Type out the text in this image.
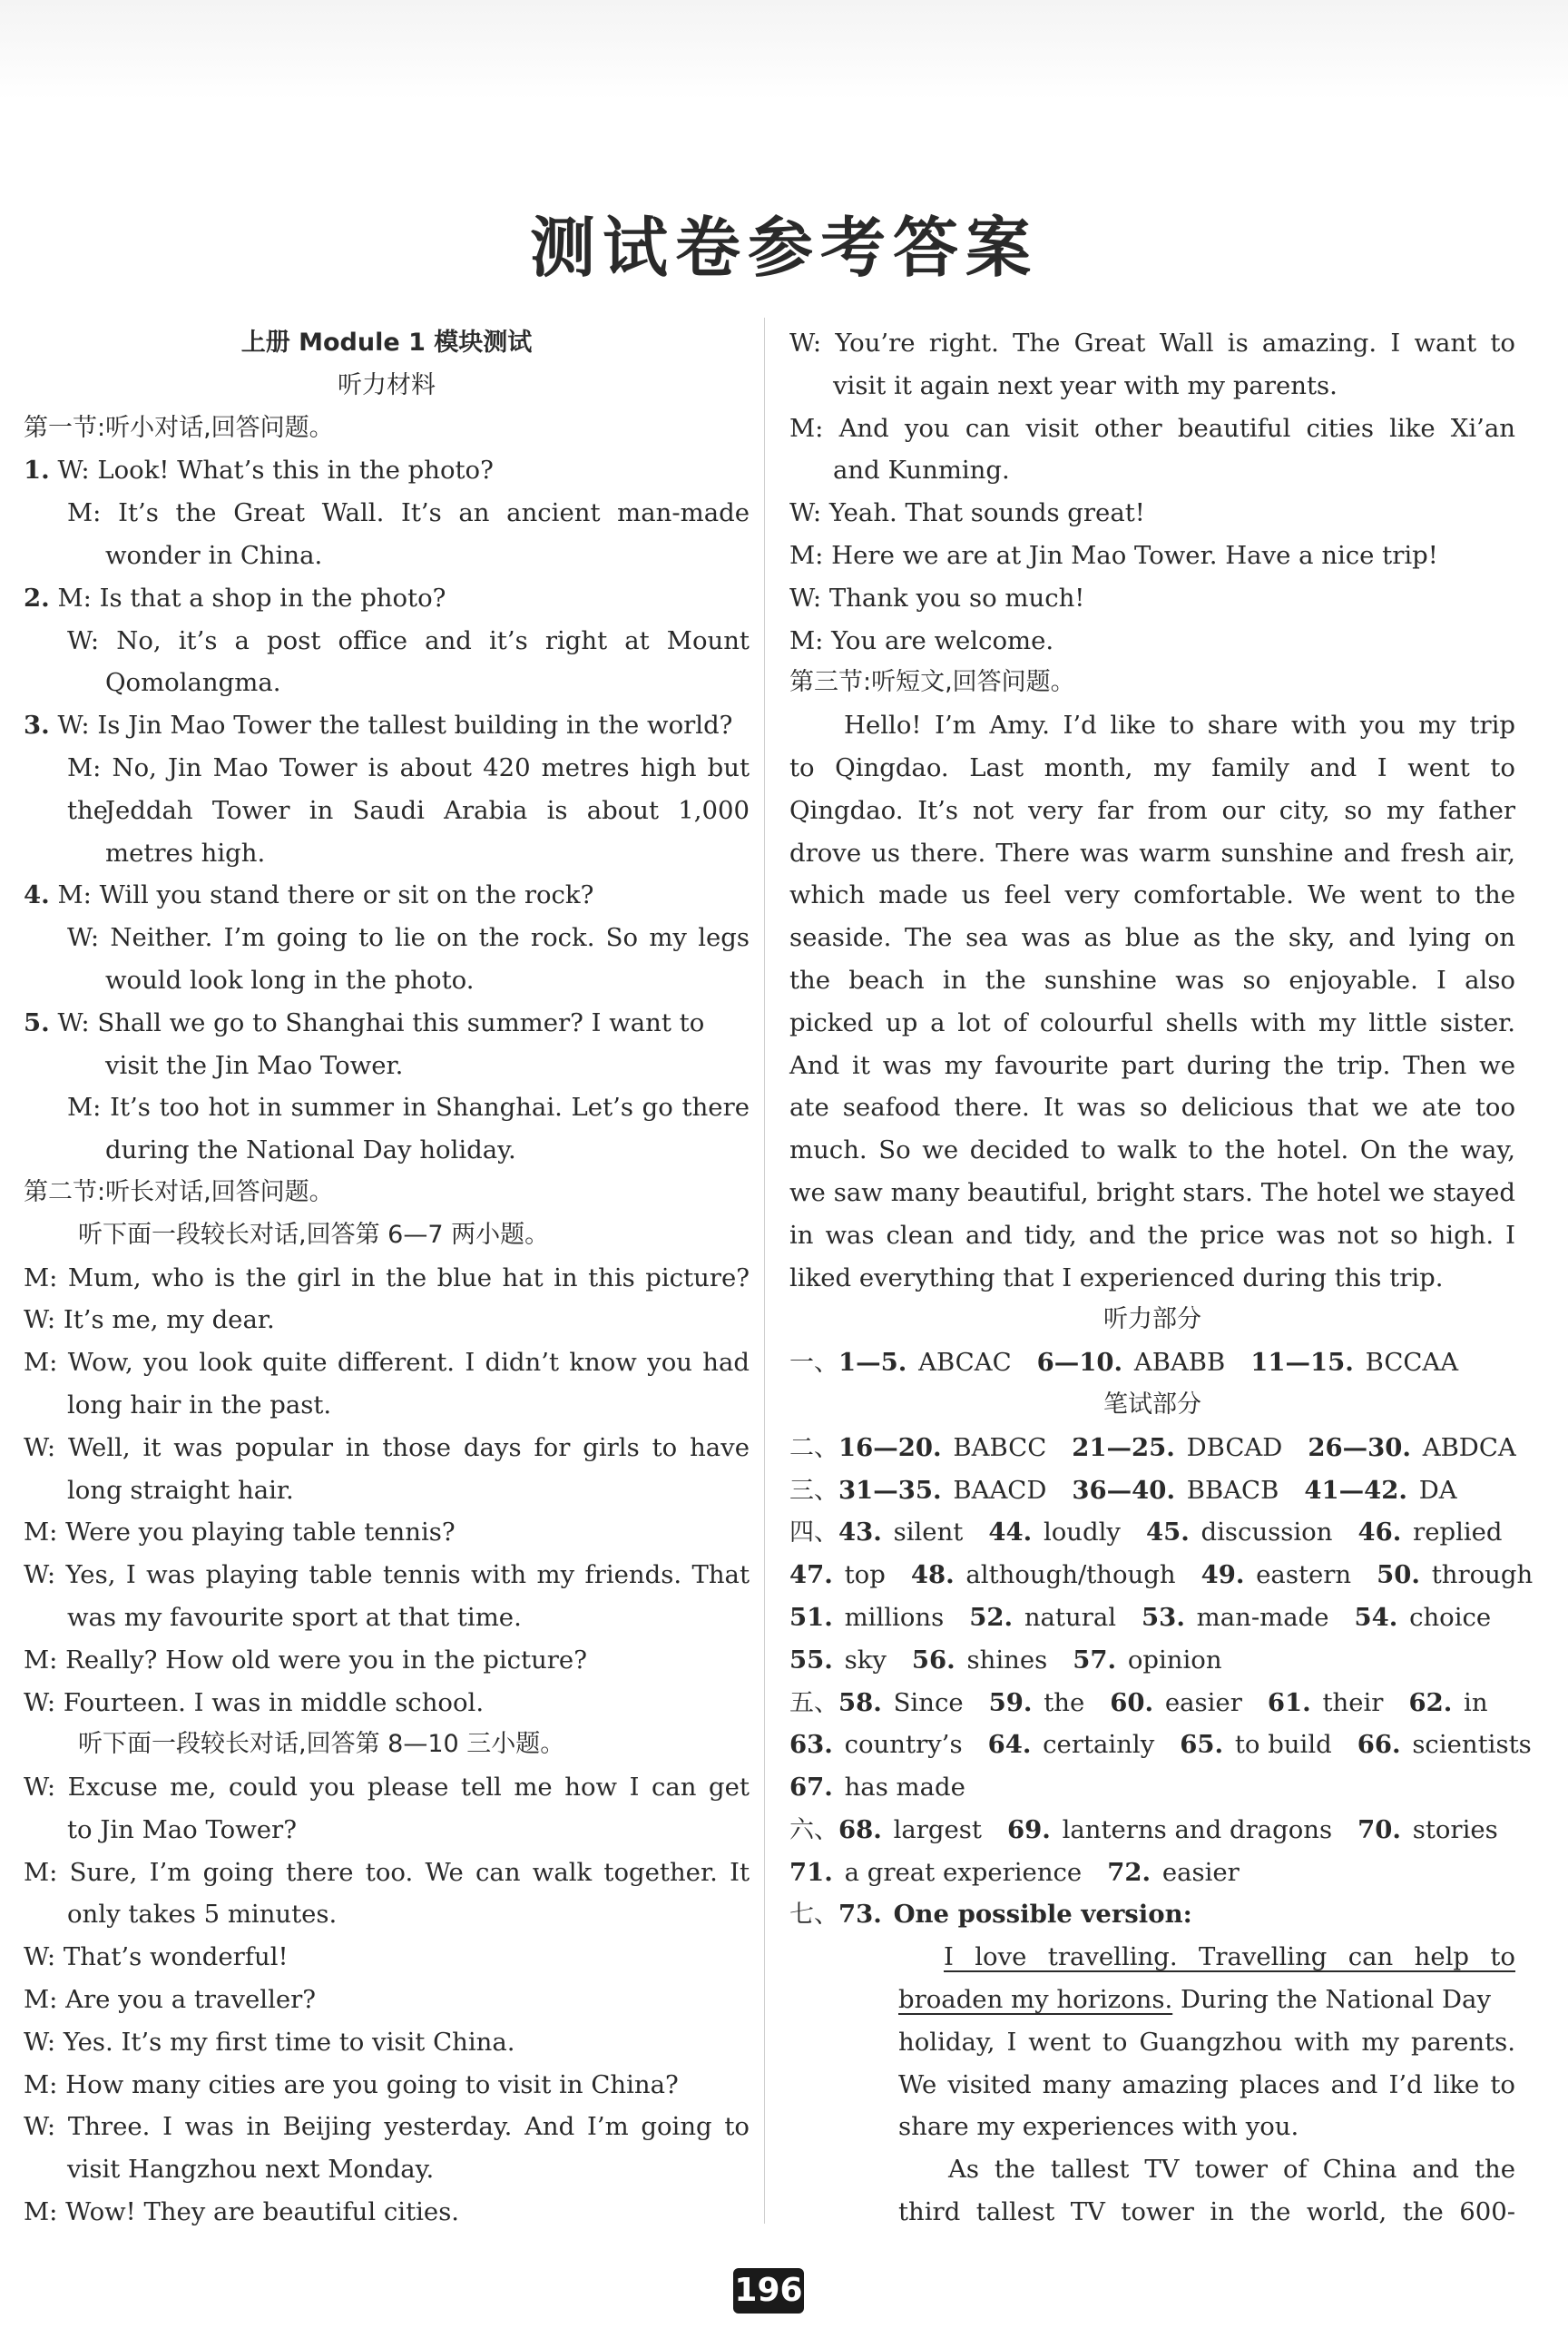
测试卷参考答案
上册 Module 1 模块测试
听力材料
第一节:听小对话,回答问题。
1. W: Look! What’s this in the photo?
M: It’s the Great Wall. It’s an ancient man-made
wonder in China.
2. M: Is that a shop in the photo?
W: No, it’s a post office and it’s right at Mount
Qomolangma.
3. W: Is Jin Mao Tower the tallest building in the world?
M: No, Jin Mao Tower is about 420 metres high but the
Jeddah Tower in Saudi Arabia is about 1,000
metres high.
4. M: Will you stand there or sit on the rock?
W: Neither. I’m going to lie on the rock. So my legs
would look long in the photo.
5. W: Shall we go to Shanghai this summer? I want to
visit the Jin Mao Tower.
M: It’s too hot in summer in Shanghai. Let’s go there
during the National Day holiday.
第二节:听长对话,回答问题。
听下面一段较长对话,回答第 6—7 两小题。
M: Mum, who is the girl in the blue hat in this picture?
W: It’s me, my dear.
M: Wow, you look quite different. I didn’t know you had
long hair in the past.
W: Well, it was popular in those days for girls to have
long straight hair.
M: Were you playing table tennis?
W: Yes, I was playing table tennis with my friends. That
was my favourite sport at that time.
M: Really? How old were you in the picture?
W: Fourteen. I was in middle school.
听下面一段较长对话,回答第 8—10 三小题。
W: Excuse me, could you please tell me how I can get
to Jin Mao Tower?
M: Sure, I’m going there too. We can walk together. It
only takes 5 minutes.
W: That’s wonderful!
M: Are you a traveller?
W: Yes. It’s my first time to visit China.
M: How many cities are you going to visit in China?
W: Three. I was in Beijing yesterday. And I’m going to
visit Hangzhou next Monday.
M: Wow! They are beautiful cities.
W: You’re right. The Great Wall is amazing. I want to
visit it again next year with my parents.
M: And you can visit other beautiful cities like Xi’an
and Kunming.
W: Yeah. That sounds great!
M: Here we are at Jin Mao Tower. Have a nice trip!
W: Thank you so much!
M: You are welcome.
第三节:听短文,回答问题。
Hello! I’m Amy. I’d like to share with you my trip
to Qingdao. Last month, my family and I went to
Qingdao. It’s not very far from our city, so my father
drove us there. There was warm sunshine and fresh air,
which made us feel very comfortable. We went to the
seaside. The sea was as blue as the sky, and lying on
the beach in the sunshine was so enjoyable. I also
picked up a lot of colourful shells with my little sister.
And it was my favourite part during the trip. Then we
ate seafood there. It was so delicious that we ate too
much. So we decided to walk to the hotel. On the way,
we saw many beautiful, bright stars. The hotel we stayed
in was clean and tidy, and the price was not so high. I
liked everything that I experienced during this trip.
听力部分
一、1—5. ABCAC 6—10. ABABB 11—15. BCCAA
笔试部分
二、16—20. BABCC 21—25. DBCAD 26—30. ABDCA
三、31—35. BAACD 36—40. BBACB 41—42. DA
四、43. silent 44. loudly 45. discussion 46. replied
47. top 48. although/though 49. eastern 50. through
51. millions 52. natural 53. man-made 54. choice
55. sky 56. shines 57. opinion
五、58. Since 59. the 60. easier 61. their 62. in
63. country’s 64. certainly 65. to build 66. scientists
67. has made
六、68. largest 69. lanterns and dragons 70. stories
71. a great experience 72. easier
七、73. One possible version:
I love travelling. Travelling can help to
broaden my horizons. During the National Day
holiday, I went to Guangzhou with my parents.
We visited many amazing places and I’d like to
share my experiences with you.
As the tallest TV tower of China and the
third tallest TV tower in the world, the 600-
196
